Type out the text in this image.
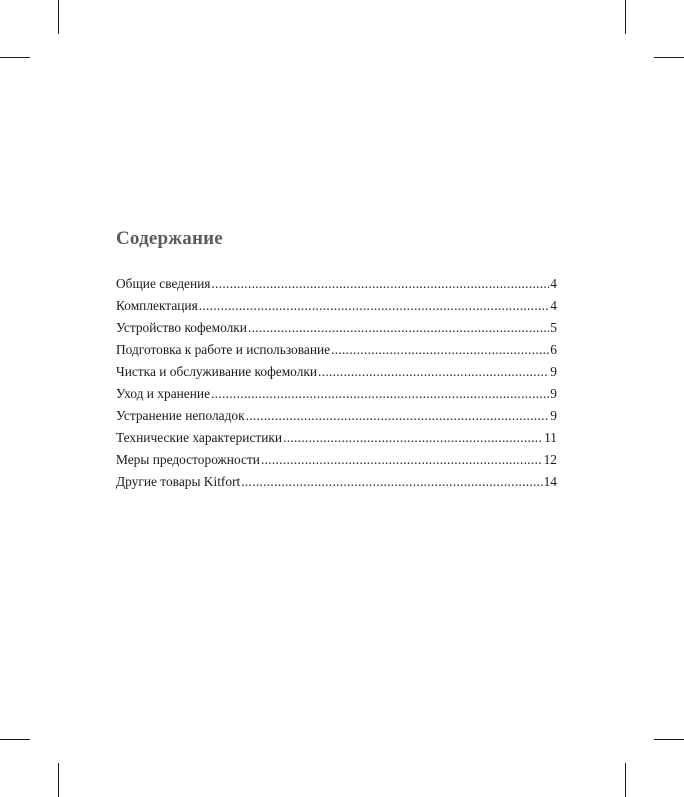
Содержание
Общие сведения .....	4
Комплектация .....	4
Устройство кофемолки .....	5
Подготовка к работе и использование .....	6
Чистка и обслуживание кофемолки .....	9
Уход и хранение .....	9
Устранение неполадок .....	9
Технические характеристики .....	11
Меры предосторожности .....	12
Другие товары Kitfort .....	14
